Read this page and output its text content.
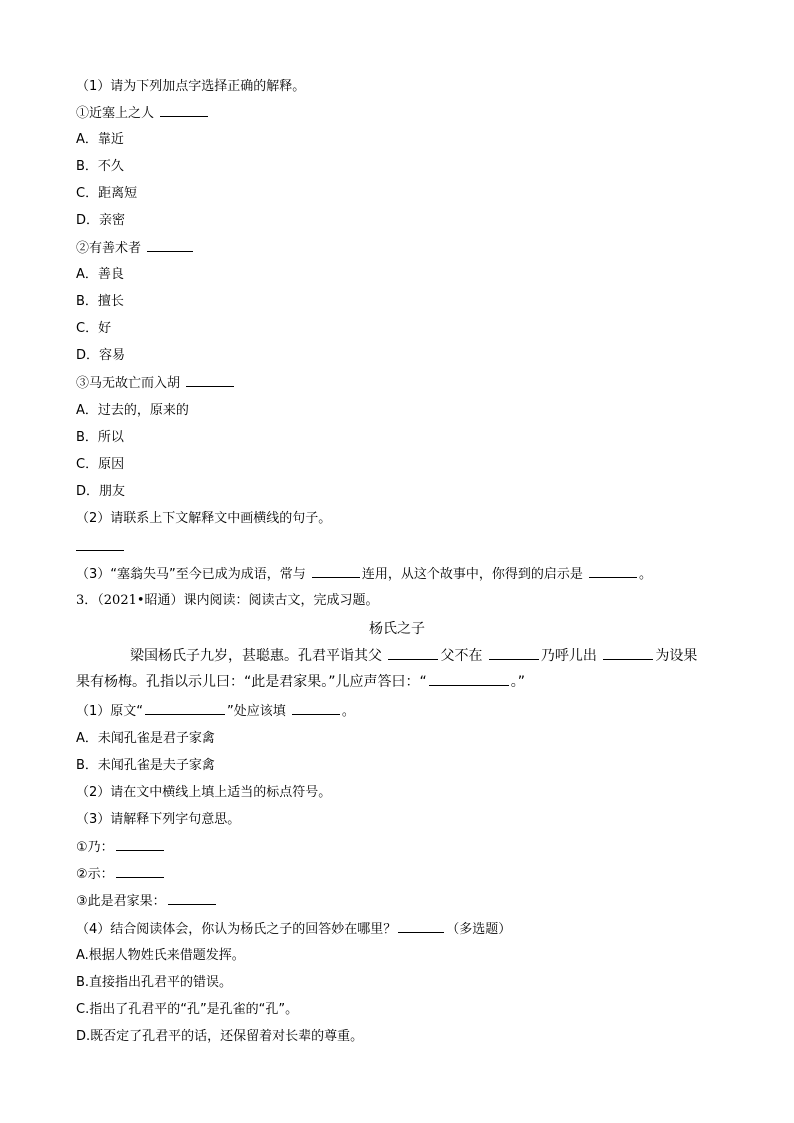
（1）请为下列加点字选择正确的解释。
①近塞上之人
A．靠近
B．不久
C．距离短
D．亲密
②有善术者
A．善良
B．擅长
C．好
D．容易
③马无故亡而入胡
A．过去的，原来的
B．所以
C．原因
D．朋友
（2）请联系上下文解释文中画横线的句子。
（3）“塞翁失马”至今已成为成语，常与	连用，从这个故事中，你得到的启示是	。
3．（2021•昭通）课内阅读：阅读古文，完成习题。
杨氏之子
梁国杨氏子九岁，甚聪惠。孔君平诣其父	父不在	乃呼儿出	为设果
果有杨梅。孔指以示儿曰：“此是君家果。”儿应声答曰：“	。”
（1）原文“	”处应该填	。
A．未闻孔雀是君子家禽
B．未闻孔雀是夫子家禽
（2）请在文中横线上填上适当的标点符号。
（3）请解释下列字句意思。
①乃：
②示：
③此是君家果：
（4）结合阅读体会，你认为杨氏之子的回答妙在哪里？	（多选题）
A.根据人物姓氏来借题发挥。
B.直接指出孔君平的错误。
C.指出了孔君平的“孔”是孔雀的“孔”。
D.既否定了孔君平的话，还保留着对长辈的尊重。
